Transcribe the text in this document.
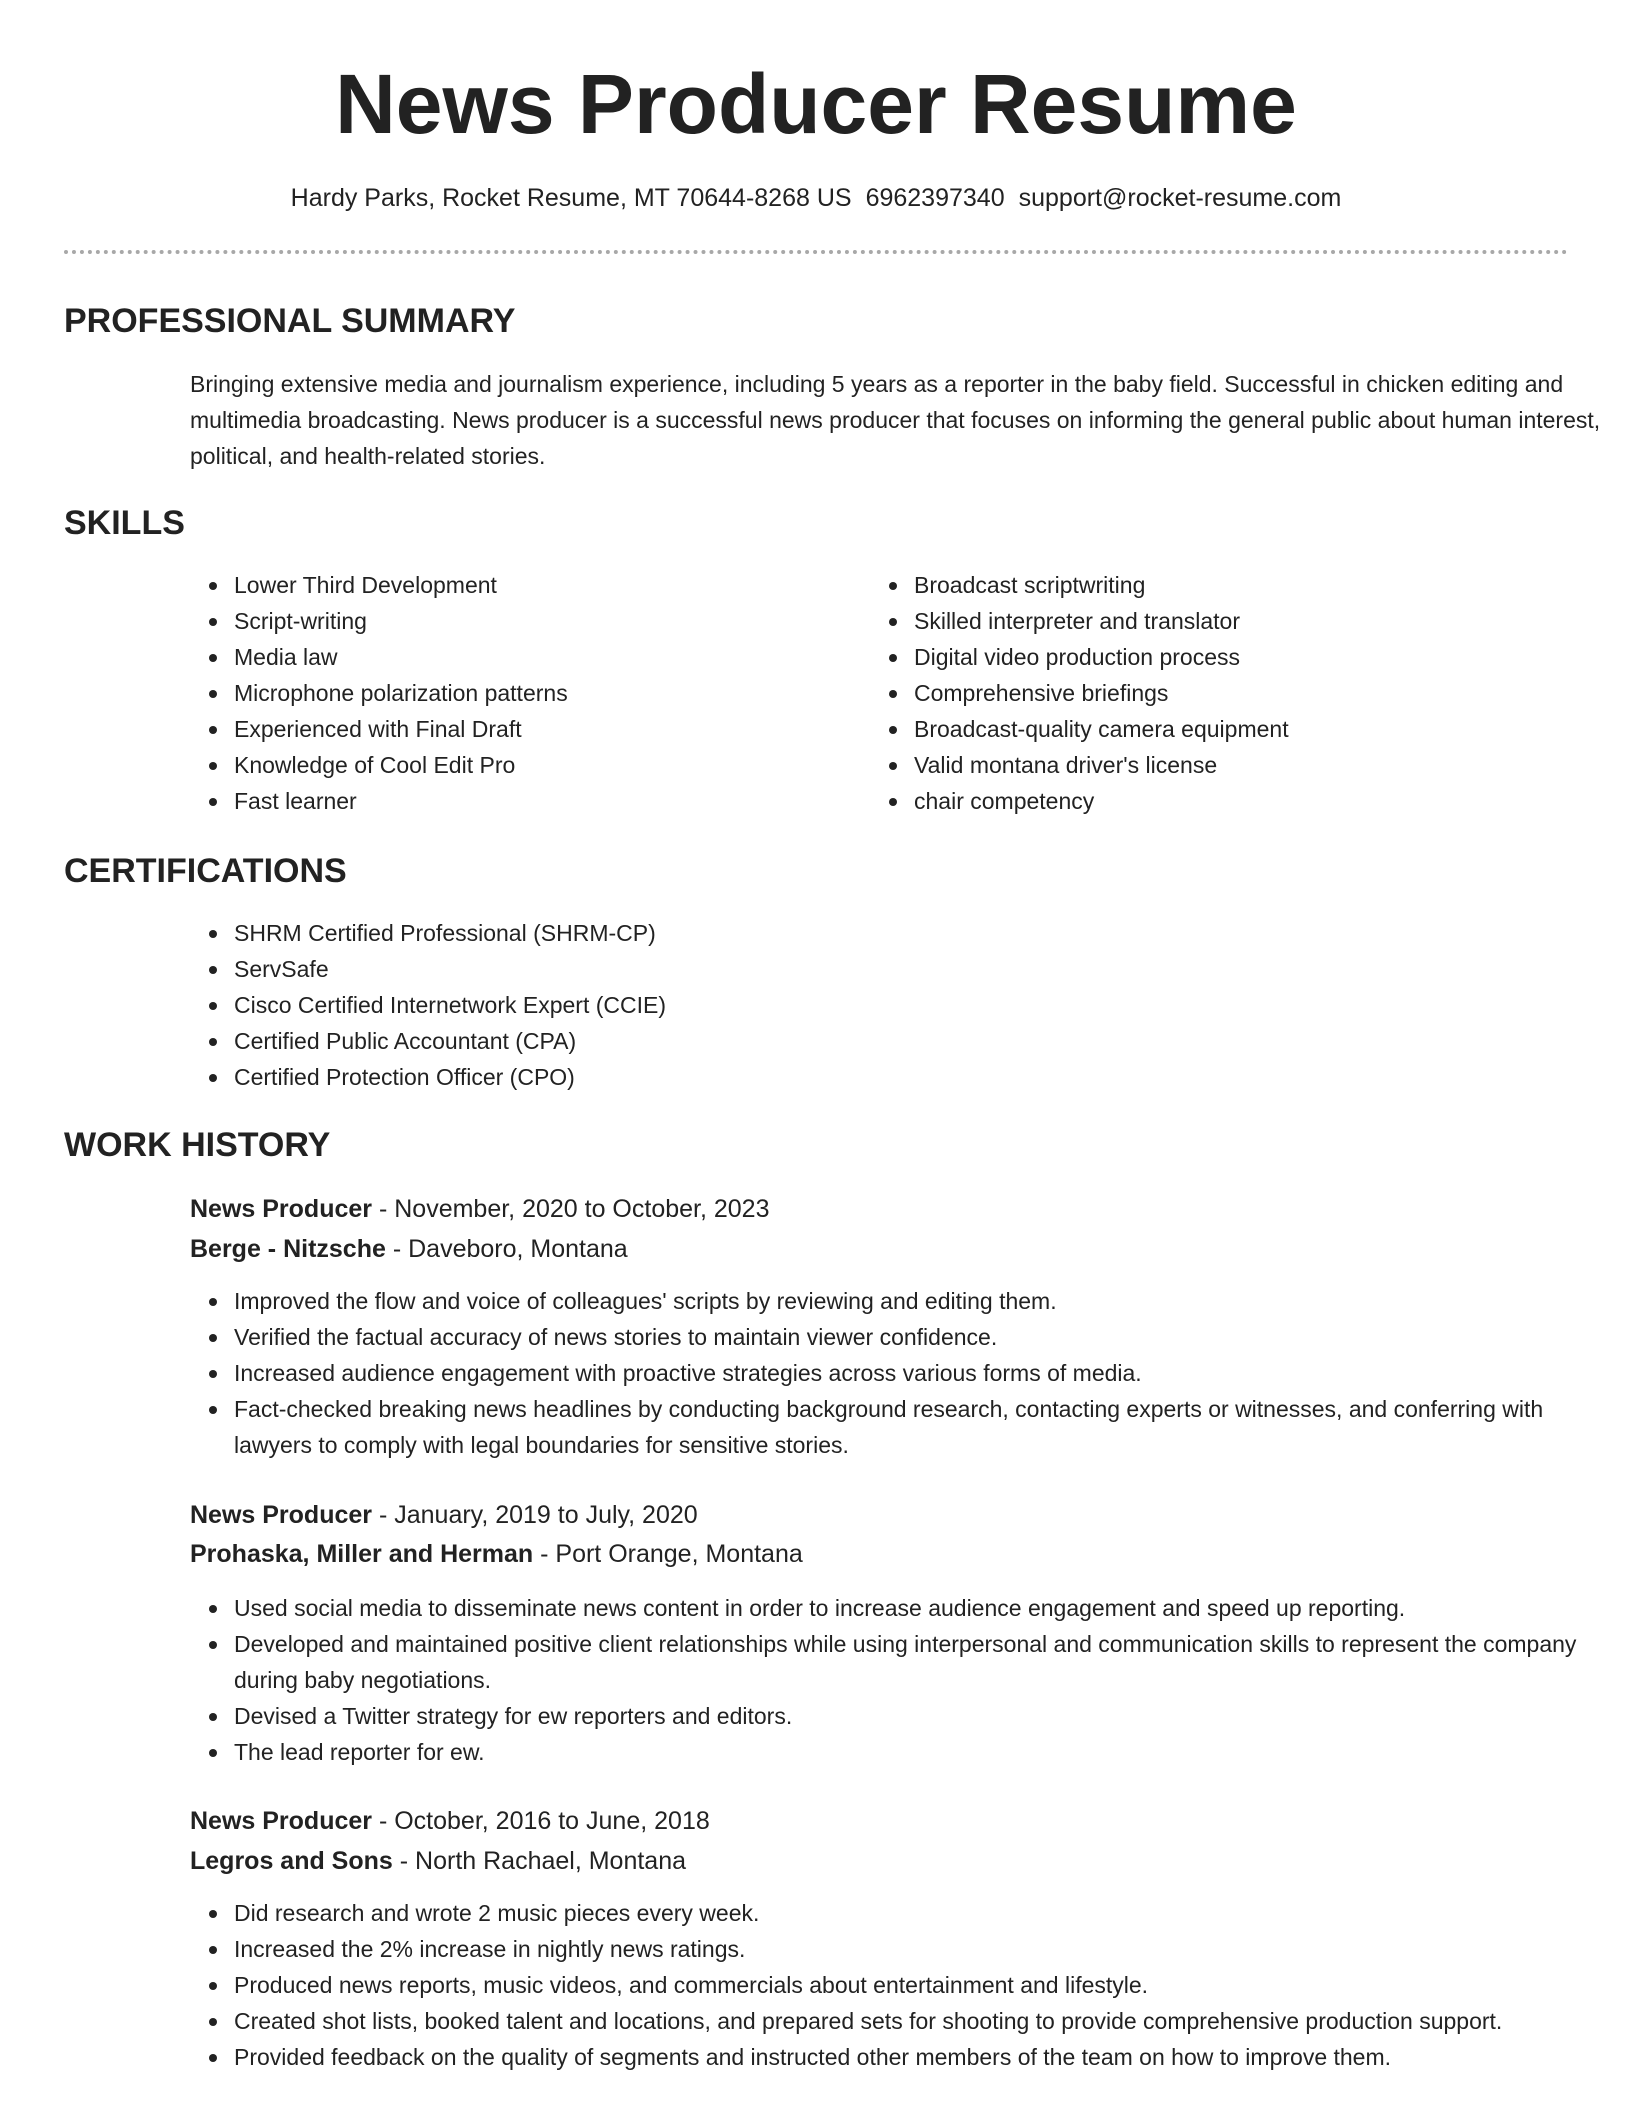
News Producer Resume
Hardy Parks, Rocket Resume, MT 70644-8268 US 6962397340 support@rocket-resume.com
PROFESSIONAL SUMMARY

Bringing extensive media and journalism experience, including 5 years as a reporter in the baby field. Successful in chicken editing and multimedia broadcasting. News producer is a successful news producer that focuses on informing the general public about human interest, political, and health-related stories.

SKILLS
Lower Third Development
Script-writing
Media law
Microphone polarization patterns
Experienced with Final Draft
Knowledge of Cool Edit Pro
Fast learner
Broadcast scriptwriting
Skilled interpreter and translator
Digital video production process
Comprehensive briefings
Broadcast-quality camera equipment
Valid montana driver's license
chair competency
CERTIFICATIONS
SHRM Certified Professional (SHRM-CP)
ServSafe
Cisco Certified Internetwork Expert (CCIE)
Certified Public Accountant (CPA)
Certified Protection Officer (CPO)
WORK HISTORY
News Producer - November, 2020 to October, 2023
Berge - Nitzsche - Daveboro, Montana
Improved the flow and voice of colleagues' scripts by reviewing and editing them.
Verified the factual accuracy of news stories to maintain viewer confidence.
Increased audience engagement with proactive strategies across various forms of media.
Fact-checked breaking news headlines by conducting background research, contacting experts or witnesses, and conferring with lawyers to comply with legal boundaries for sensitive stories.
News Producer - January, 2019 to July, 2020
Prohaska, Miller and Herman - Port Orange, Montana
Used social media to disseminate news content in order to increase audience engagement and speed up reporting.
Developed and maintained positive client relationships while using interpersonal and communication skills to represent the company during baby negotiations.
Devised a Twitter strategy for ew reporters and editors.
The lead reporter for ew.
News Producer - October, 2016 to June, 2018
Legros and Sons - North Rachael, Montana
Did research and wrote 2 music pieces every week.
Increased the 2% increase in nightly news ratings.
Produced news reports, music videos, and commercials about entertainment and lifestyle.
Created shot lists, booked talent and locations, and prepared sets for shooting to provide comprehensive production support.
Provided feedback on the quality of segments and instructed other members of the team on how to improve them.
